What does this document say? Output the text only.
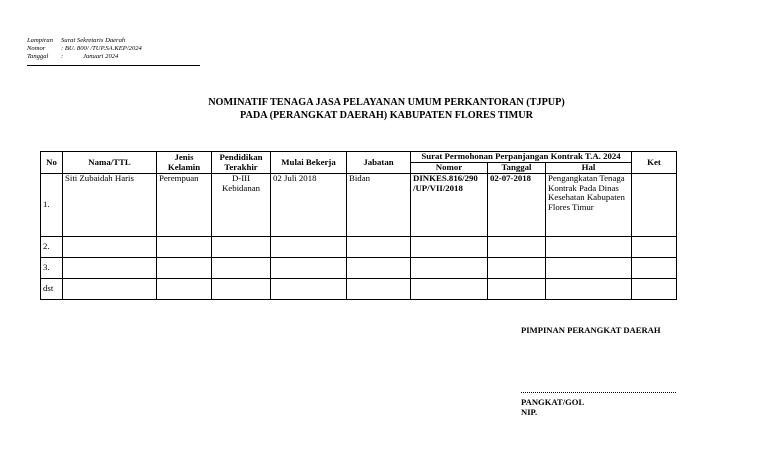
Lampiran	Surat Sekretaris Daerah
Nomor	: BU. 800/ /TUP.SA.KEP/2024
Tanggal	:	Januari 2024
NOMINATIF TENAGA JASA PELAYANAN UMUM PERKANTORAN (TJPUP)
PADA (PERANGKAT DAERAH) KABUPATEN FLORES TIMUR
No	Nama/TTL	Jenis Kelamin	Pendidikan Terakhir	Mulai Bekerja	Jabatan	Surat Permohonan Perpanjangan Kontrak T.A. 2024			Ket
						Nomor	Tanggal	Hal	
1.	Siti Zubaidah Haris	Perempuan	D-III Kebidanan	02 Juli 2018	Bidan	DINKES.816/290 /UP/VII/2018	02-07-2018	Pengangkatan Tenaga Kontrak Pada Dinas Kesehatan Kabupaten Flores Timur	
2.									
3.									
dst									
PIMPINAN PERANGKAT DAERAH
PANGKAT/GOL
NIP.
